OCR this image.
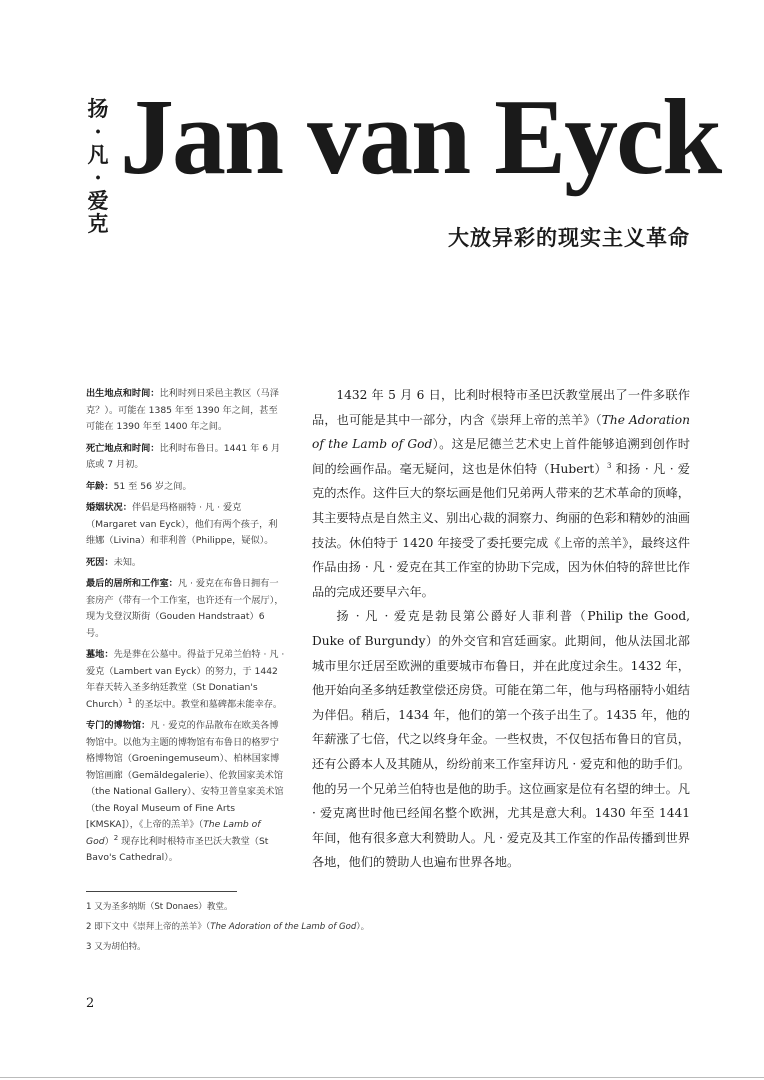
扬
·
凡
·
爱
克
Jan van Eyck
大放异彩的现实主义革命
出生地点和时间：比利时列日采邑主教区（马泽克？）。可能在 1385 年至 1390 年之间，甚至可能在 1390 年至 1400 年之间。
死亡地点和时间：比利时布鲁日。1441 年 6 月底或 7 月初。
年龄：51 至 56 岁之间。
婚姻状况：伴侣是玛格丽特 · 凡 · 爱克（Margaret van Eyck），他们有两个孩子，利维娜（Livina）和菲利普（Philippe，疑似）。
死因：未知。
最后的居所和工作室：凡 · 爱克在布鲁日拥有一套房产（带有一个工作室，也许还有一个展厅），现为戈登汉斯街（Gouden Handstraat）6 号。
墓地：先是葬在公墓中。得益于兄弟兰伯特 · 凡 · 爱克（Lambert van Eyck）的努力，于 1442 年春天转入圣多纳廷教堂（St Donatian's Church）$^1$ 的圣坛中。教堂和墓碑都未能幸存。
专门的博物馆：凡 · 爱克的作品散布在欧美各博物馆中。以他为主题的博物馆有布鲁日的格罗宁格博物馆（Groeningemuseum）、柏林国家博物馆画廊（Gemäldegalerie）、伦敦国家美术馆（the National Gallery）、安特卫普皇家美术馆（the Royal Museum of Fine Arts [KMSKA]），《上帝的羔羊》（The Lamb of God）$^2$ 现存比利时根特市圣巴沃大教堂（St Bavo's Cathedral）。

1432 年 5 月 6 日，比利时根特市圣巴沃教堂展出了一件多联作品，也可能是其中一部分，内含《崇拜上帝的羔羊》（The Adoration of the Lamb of God）。这是尼德兰艺术史上首件能够追溯到创作时间的绘画作品。毫无疑问，这也是休伯特（Hubert）$^3$ 和扬 · 凡 · 爱克的杰作。这件巨大的祭坛画是他们兄弟两人带来的艺术革命的顶峰，其主要特点是自然主义、别出心裁的洞察力、绚丽的色彩和精妙的油画技法。休伯特于 1420 年接受了委托要完成《上帝的羔羊》，最终这件作品由扬 · 凡 · 爱克在其工作室的协助下完成，因为休伯特的辞世比作品的完成还要早六年。

扬 · 凡 · 爱克是勃艮第公爵好人菲利普（Philip the Good, Duke of Burgundy）的外交官和宫廷画家。此期间，他从法国北部城市里尔迁居至欧洲的重要城市布鲁日，并在此度过余生。1432 年，他开始向圣多纳廷教堂偿还房贷。可能在第二年，他与玛格丽特小姐结为伴侣。稍后，1434 年，他们的第一个孩子出生了。1435 年，他的年薪涨了七倍，代之以终身年金。一些权贵，不仅包括布鲁日的官员，还有公爵本人及其随从，纷纷前来工作室拜访凡 · 爱克和他的助手们。他的另一个兄弟兰伯特也是他的助手。这位画家是位有名望的绅士。凡 · 爱克离世时他已经闻名整个欧洲，尤其是意大利。1430 年至 1441 年间，他有很多意大利赞助人。凡 · 爱克及其工作室的作品传播到世界各地，他们的赞助人也遍布世界各地。

1 又为圣多纳斯（St Donaes）教堂。
2 即下文中《崇拜上帝的羔羊》（The Adoration of the Lamb of God）。
3 又为胡伯特。
2
